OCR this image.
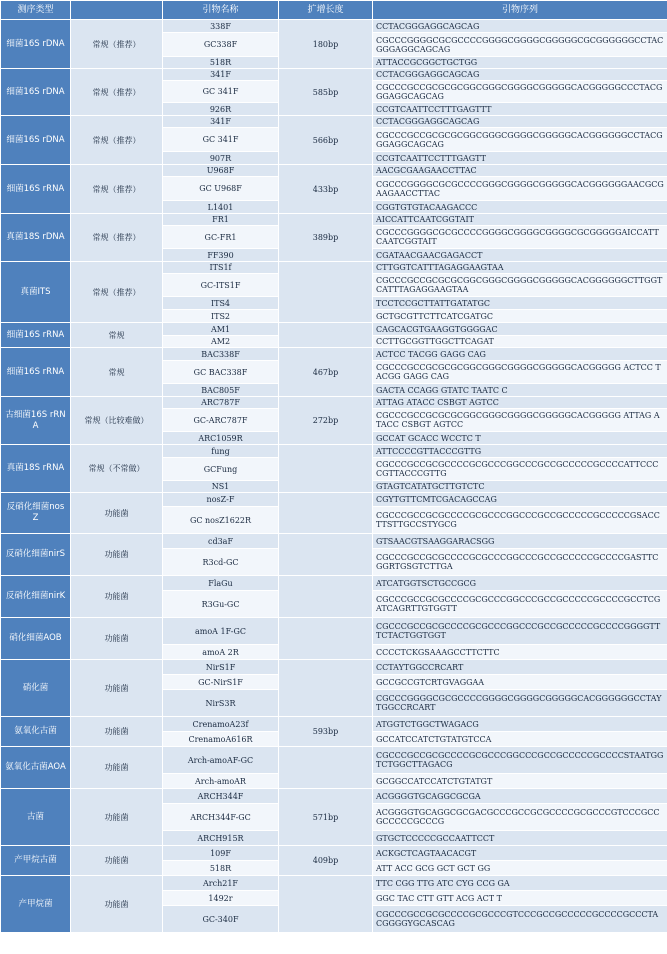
测序类型		引物名称	扩增长度	引物序列
细菌16S rDNA	常规（推荐）	338F	180bp	CCTACGGGAGGCAGCAG
		GC338F		CGCCCGGGGCGCGCCCCGGGGCGGGGCGGGGGCGCGGGGGGCCTACGGGAGGCAGCAG
		518R		ATTACCGCGGCTGCTGG
细菌16S rDNA	常规（推荐）	341F	585bp	CCTACGGGAGGCAGCAG
		GC 341F		CGCCCGCCGCGCGCGGCGGGCGGGGCGGGGGCACGGGGGCCCTACGGGAGGCAGCAG
		926R		CCGTCAATTCCTTTGAGTTT
细菌16S rDNA	常规（推荐）	341F	566bp	CCTACGGGAGGCAGCAG
		GC 341F		CGCCCGCCGCGCGCGGCGGGCGGGGCGGGGGCACGGGGGGCCTACGGGAGGCAGCAG
		907R		CCGTCAATTCCTTTGAGTT
细菌16S rRNA	常规（推荐）	U968F	433bp	AACGCGAAGAACCTTAC
		GC U968F		CGCCCGGGGCGCGCCCCGGGCGGGGCGGGGGCACGGGGGGAACGCGAAGAACCTTAC
		L1401		CGGTGTGTACAAGACCC
真菌18S rDNA	常规（推荐）	FR1	389bp	AICCATTCAATCGGTAIT
		GC-FR1		CGCCCGGGGCGCGCCCCGGGGCGGGGCGGGGCGCGGGGGAICCATTCAATCGGTAIT
		FF390		CGATAACGAACGAGACCT
真菌ITS	常规（推荐）	ITS1f		CTTGGTCATTTAGAGGAAGTAA
		GC-ITS1F		CGCCCGCCGCGCGCGGCGGGCGGGGCGGGGGCACGGGGGGCTTGGTCATTTAGAGGAAGTAA
		ITS4		TCCTCCGCTTATTGATATGC
		ITS2		GCTGCGTTCTTCATCGATGC
细菌16S rRNA	常规	AM1		CAGCACGTGAAGGTGGGGAC
		AM2		CCTTGCGGTTGGCTTCAGAT
细菌16S rRNA	常规	BAC338F	467bp	ACTCC TACGG GAGG CAG
		GC BAC338F		CGCCCGCCGCGCGCGGCGGGCGGGGCGGGGGCACGGGGG ACTCC TACGG GAGG CAG
		BAC805F		GACTA CCAGG GTATC TAATC C
古细菌16S rRNA	常规（比较难做）	ARC787F	272bp	ATTAG ATACC CSBGT AGTCC
		GC-ARC787F		CGCCCGCCGCGCGCGGCGGGCGGGGCGGGGGCACGGGGG ATTAG ATACC CSBGT AGTCC
		ARC1059R		GCCAT GCACC WCCTC T
真菌18S rRNA	常规（不常做）	fung		ATTCCCCGTTACCCGTTG
		GCFung		CGCCCGCCGCGCCCCGCGCCCGGCCCGCCGCCCCCGCCCCATTCCCCGTTACCCGTTG
		NS1		GTAGTCATATGCTTGTCTC
反硝化细菌nosZ	功能菌	nosZ-F		CGYTGTTCMTCGACAGCCAG
		GC nosZ1622R		CGCCCGCCGCGCCCCGCGCCCGGCCCGCCGCCCCCGCCCCCGSACCTTSTTGCCSTYGCG
反硝化细菌nirS	功能菌	cd3aF		GTSAACGTSAAGGARACSGG
		R3cd-GC		CGCCCGCCGCGCCCCGCGCCCGGCCCGCCGCCCCCGCCCCGASTTCGGRTGSGTCTTGA
反硝化细菌nirK	功能菌	FlaGu		ATCATGGTSCTGCCGCG
		R3Gu-GC		CGCCCGCCGCGCCCCGCGCCCGGCCCGCCGCCCCCGCCCCGCCTCGATCAGRTTGTGGTT
硝化细菌AOB	功能菌	amoA 1F-GC		CGCCCGCCGCGCCCCGCGCCCGGCCCGCCGCCCCCGCCCCGGGGTTTCTACTGGTGGT
		amoA 2R		CCCCTCKGSAAAGCCTTCTTC
硝化菌	功能菌	NirS1F		CCTAYTGGCCRCART
		GC-NirS1F		GCCGCCGTCRTGVAGGAA
		NirS3R		CGCCCGGGGCGCGCCCCGGGGCGGGGCGGGGGCACGGGGGGCCTAYTGGCCRCART
氨氧化古菌	功能菌	CrenamoA23f	593bp	ATGGTCTGGCTWAGACG
		CrenamoA616R		GCCATCCATCTGTATGTCCA
氨氧化古菌AOA	功能菌	Arch-amoAF-GC		CGCCCGCCGCGCCCCGCGCCCGGCCCGCCGCCCCCGCCCCSTAATGGTCTGGCTTAGACG
		Arch-amoAR		GCGGCCATCCATCTGTATGT
古菌	功能菌	ARCH344F	571bp	ACGGGGTGCAGGCGCGA
		ARCH344F-GC		ACGGGGTGCAGGCGCGACGCCCGCCGCGCCCCGCGCCCGTCCCGCCGCCCCCGCCCG
		ARCH915R		GTGCTCCCCCGCCAATTCCT
产甲烷古菌	功能菌	109F	409bp	ACKGCTCAGTAACACGT
		518R		ATT ACC GCG GCT GCT GG
产甲烷菌	功能菌	Arch21F		TTC CGG TTG ATC CYG CCG GA
		1492r		GGC TAC CTT GTT ACG ACT T
		GC-340F		CGCCCGCCGCGCCCCGCGCCCGTCCCGCCGCCCCCGCCCCGCCCTACGGGGYGCASCAG
